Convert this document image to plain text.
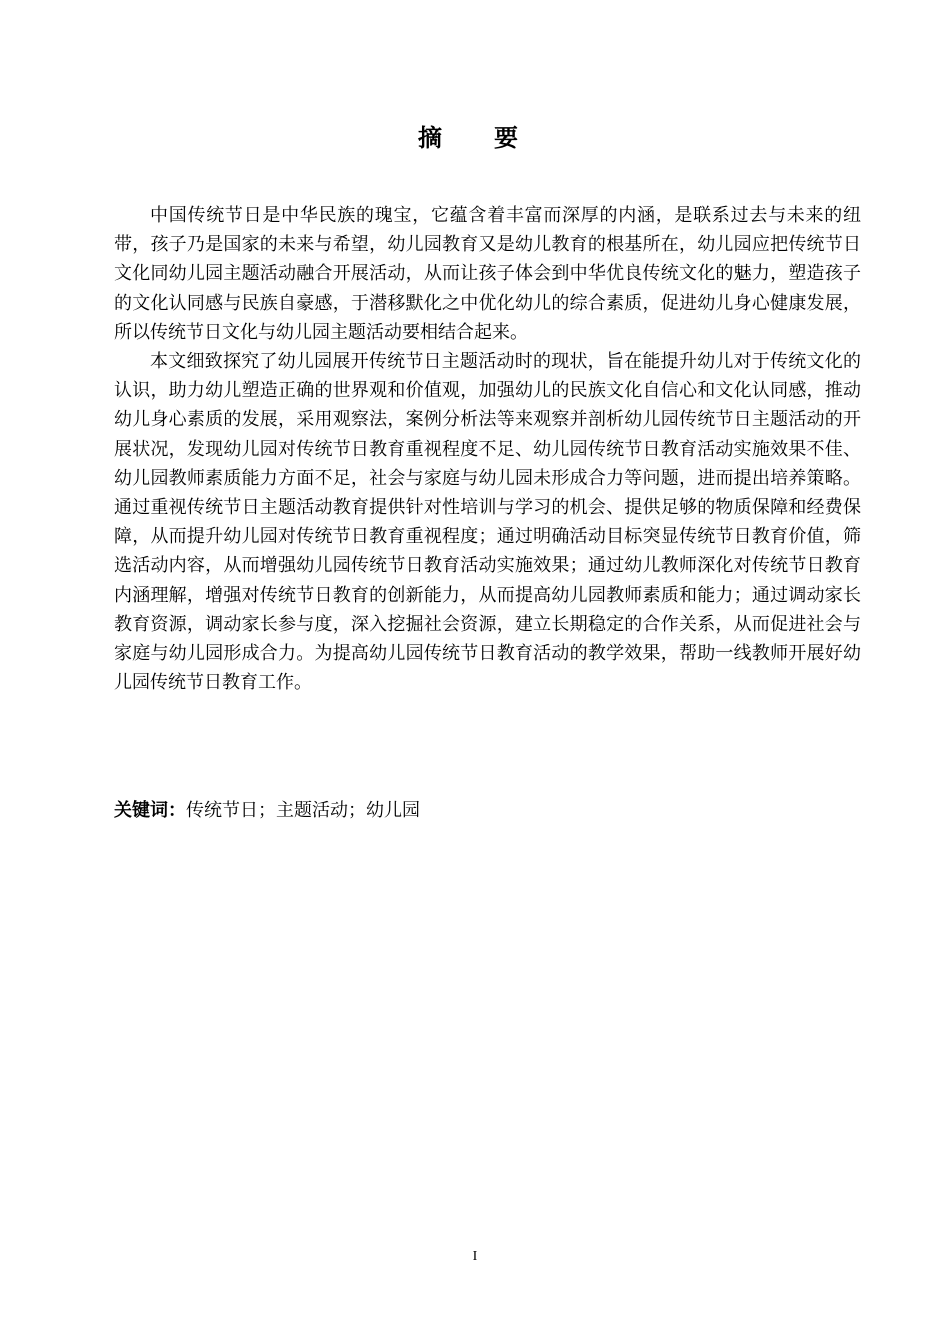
摘　要

中国传统节日是中华民族的瑰宝，它蕴含着丰富而深厚的内涵，是联系过去与未来的纽带，孩子乃是国家的未来与希望，幼儿园教育又是幼儿教育的根基所在，幼儿园应把传统节日文化同幼儿园主题活动融合开展活动，从而让孩子体会到中华优良传统文化的魅力，塑造孩子的文化认同感与民族自豪感，于潜移默化之中优化幼儿的综合素质，促进幼儿身心健康发展，所以传统节日文化与幼儿园主题活动要相结合起来。

本文细致探究了幼儿园展开传统节日主题活动时的现状，旨在能提升幼儿对于传统文化的认识，助力幼儿塑造正确的世界观和价值观，加强幼儿的民族文化自信心和文化认同感，推动幼儿身心素质的发展，采用观察法，案例分析法等来观察并剖析幼儿园传统节日主题活动的开展状况，发现幼儿园对传统节日教育重视程度不足、幼儿园传统节日教育活动实施效果不佳、幼儿园教师素质能力方面不足，社会与家庭与幼儿园未形成合力等问题，进而提出培养策略。通过重视传统节日主题活动教育提供针对性培训与学习的机会、提供足够的物质保障和经费保障，从而提升幼儿园对传统节日教育重视程度；通过明确活动目标突显传统节日教育价值，筛选活动内容，从而增强幼儿园传统节日教育活动实施效果；通过幼儿教师深化对传统节日教育内涵理解，增强对传统节日教育的创新能力，从而提高幼儿园教师素质和能力；通过调动家长教育资源，调动家长参与度，深入挖掘社会资源，建立长期稳定的合作关系，从而促进社会与家庭与幼儿园形成合力。为提高幼儿园传统节日教育活动的教学效果，帮助一线教师开展好幼儿园传统节日教育工作。

关键词：传统节日；主题活动；幼儿园
I
